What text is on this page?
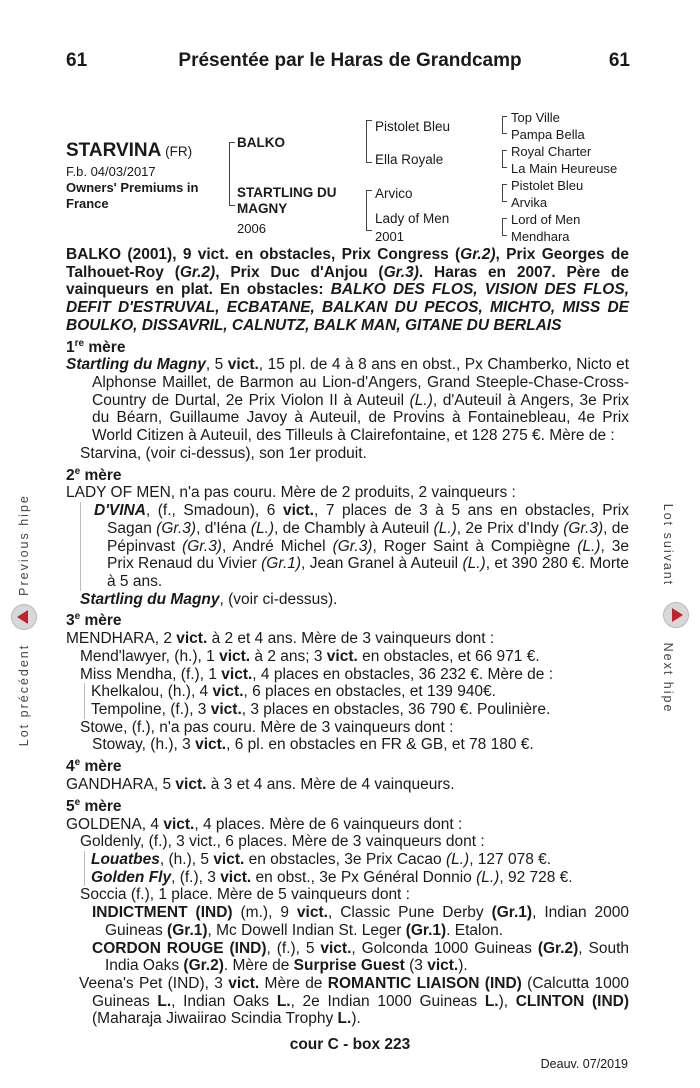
61	Présentée par le Haras de Grandcamp	61
STARVINA (FR)
F.b. 04/03/2017
Owners' Premiums in France
BALKO
STARTLING DU MAGNY
2006
Pistolet Bleu
Ella Royale
Arvico
Lady of Men
2001
Top Ville
Pampa Bella
Royal Charter
La Main Heureuse
Pistolet Bleu
Arvika
Lord of Men
Mendhara

BALKO (2001), 9 vict. en obstacles, Prix Congress (Gr.2), Prix Georges de Talhouet-Roy (Gr.2), Prix Duc d'Anjou (Gr.3). Haras en 2007. Père de vainqueurs en plat. En obstacles: BALKO DES FLOS, VISION DES FLOS, DEFIT D'ESTRUVAL, ECBATANE, BALKAN DU PECOS, MICHTO, MISS DE BOULKO, DISSAVRIL, CALNUTZ, BALK MAN, GITANE DU BERLAIS

1re mère

Startling du Magny, 5 vict., 15 pl. de 4 à 8 ans en obst., Px Chamberko, Nicto et Alphonse Maillet, de Barmon au Lion-d'Angers, Grand Steeple-Chase-Cross-Country de Durtal, 2e Prix Violon II à Auteuil (L.), d'Auteuil à Angers, 3e Prix du Béarn, Guillaume Javoy à Auteuil, de Provins à Fontainebleau, 4e Prix World Citizen à Auteuil, des Tilleuls à Clairefontaine, et 128 275 €. Mère de :

Starvina, (voir ci-dessus), son 1er produit.

2e mère

LADY OF MEN, n'a pas couru. Mère de 2 produits, 2 vainqueurs :

D'VINA, (f., Smadoun), 6 vict., 7 places de 3 à 5 ans en obstacles, Prix Sagan (Gr.3), d'Iéna (L.), de Chambly à Auteuil (L.), 2e Prix d'Indy (Gr.3), de Pépinvast (Gr.3), André Michel (Gr.3), Roger Saint à Compiègne (L.), 3e Prix Renaud du Vivier (Gr.1), Jean Granel à Auteuil (L.), et 390 280 €. Morte à 5 ans.

Startling du Magny, (voir ci-dessus).

3e mère

MENDHARA, 2 vict. à 2 et 4 ans. Mère de 3 vainqueurs dont :

Mend'lawyer, (h.), 1 vict. à 2 ans; 3 vict. en obstacles, et 66 971 €.

Miss Mendha, (f.), 1 vict., 4 places en obstacles, 36 232 €. Mère de :

Khelkalou, (h.), 4 vict., 6 places en obstacles, et 139 940€.

Tempoline, (f.), 3 vict., 3 places en obstacles, 36 790 €. Poulinière.

Stowe, (f.), n'a pas couru. Mère de 3 vainqueurs dont :

Stoway, (h.), 3 vict., 6 pl. en obstacles en FR & GB, et 78 180 €.

4e mère

GANDHARA, 5 vict. à 3 et 4 ans. Mère de 4 vainqueurs.

5e mère

GOLDENA, 4 vict., 4 places. Mère de 6 vainqueurs dont :

Goldenly, (f.), 3 vict., 6 places. Mère de 3 vainqueurs dont :

Louatbes, (h.), 5 vict. en obstacles, 3e Prix Cacao (L.), 127 078 €.

Golden Fly, (f.), 3 vict. en obst., 3e Px Général Donnio (L.), 92 728 €.

Soccia (f.), 1 place. Mère de 5 vainqueurs dont :

INDICTMENT (IND) (m.), 9 vict., Classic Pune Derby (Gr.1), Indian 2000 Guineas (Gr.1), Mc Dowell Indian St. Leger (Gr.1). Etalon.

CORDON ROUGE (IND), (f.), 5 vict., Golconda 1000 Guineas (Gr.2), South India Oaks (Gr.2). Mère de Surprise Guest (3 vict.).

Veena's Pet (IND), 3 vict. Mère de ROMANTIC LIAISON (IND) (Calcutta 1000 Guineas L., Indian Oaks L., 2e Indian 1000 Guineas L.), CLINTON (IND) (Maharaja Jiwaiirao Scindia Trophy L.).

cour C - box 223
Deauv. 07/2019
Previous hipe
Lot précédent
Lot suivant
Next hipe
